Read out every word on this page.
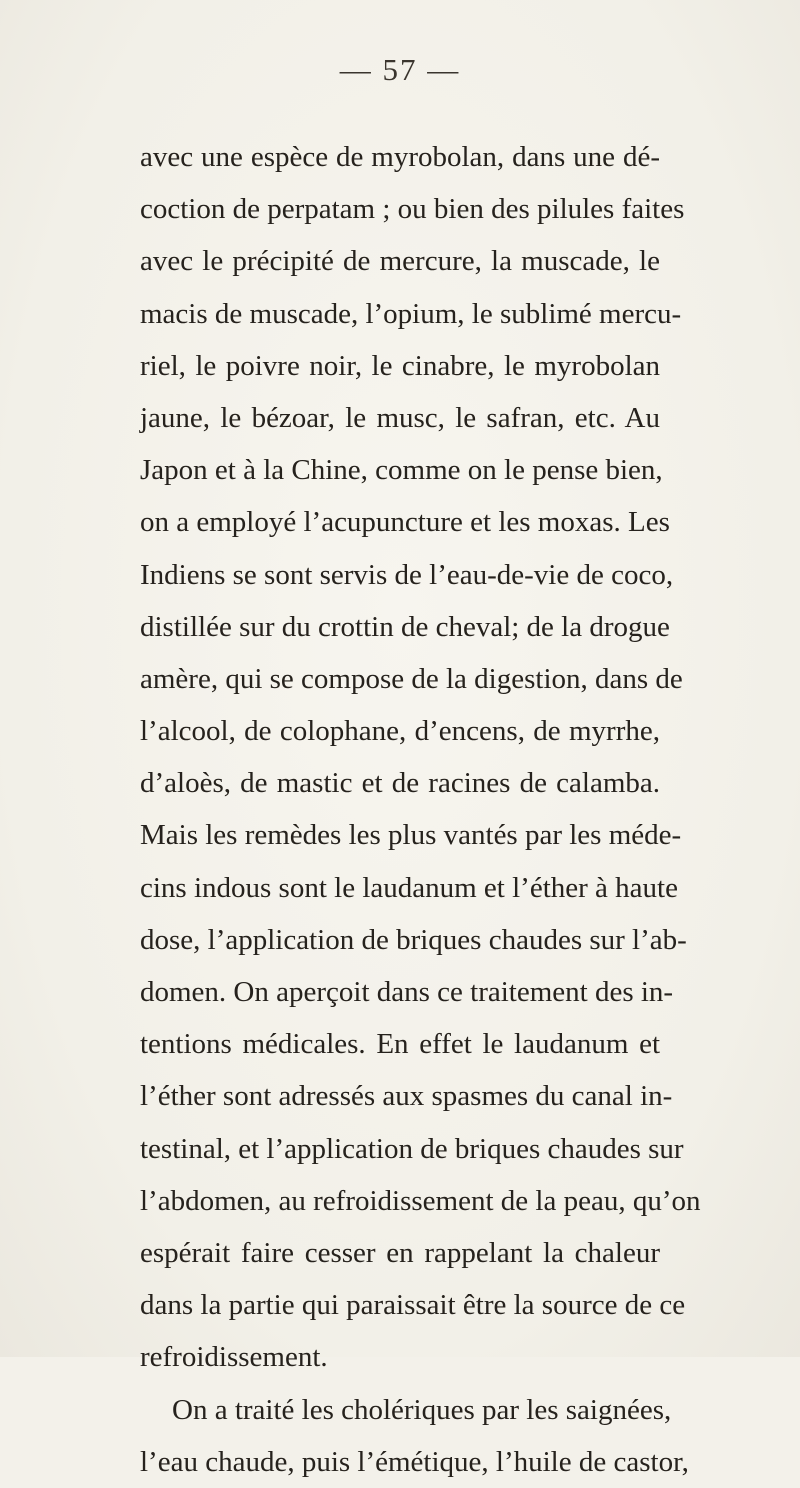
— 57 —
avec une espèce de myrobolan, dans une dé-
coction de perpatam ; ou bien des pilules faites
avec le précipité de mercure, la muscade, le
macis de muscade, l’opium, le sublimé mercu-
riel, le poivre noir, le cinabre, le myrobolan
jaune, le bézoar, le musc, le safran, etc. Au
Japon et à la Chine, comme on le pense bien,
on a employé l’acupuncture et les moxas. Les
Indiens se sont servis de l’eau-de-vie de coco,
distillée sur du crottin de cheval; de la drogue
amère, qui se compose de la digestion, dans de
l’alcool, de colophane, d’encens, de myrrhe,
d’aloès, de mastic et de racines de calamba.
Mais les remèdes les plus vantés par les méde-
cins indous sont le laudanum et l’éther à haute
dose, l’application de briques chaudes sur l’ab-
domen. On aperçoit dans ce traitement des in-
tentions médicales. En effet le laudanum et
l’éther sont adressés aux spasmes du canal in-
testinal, et l’application de briques chaudes sur
l’abdomen, au refroidissement de la peau, qu’on
espérait faire cesser en rappelant la chaleur
dans la partie qui paraissait être la source de ce
refroidissement.
On a traité les cholériques par les saignées,
l’eau chaude, puis l’émétique, l’huile de castor,
